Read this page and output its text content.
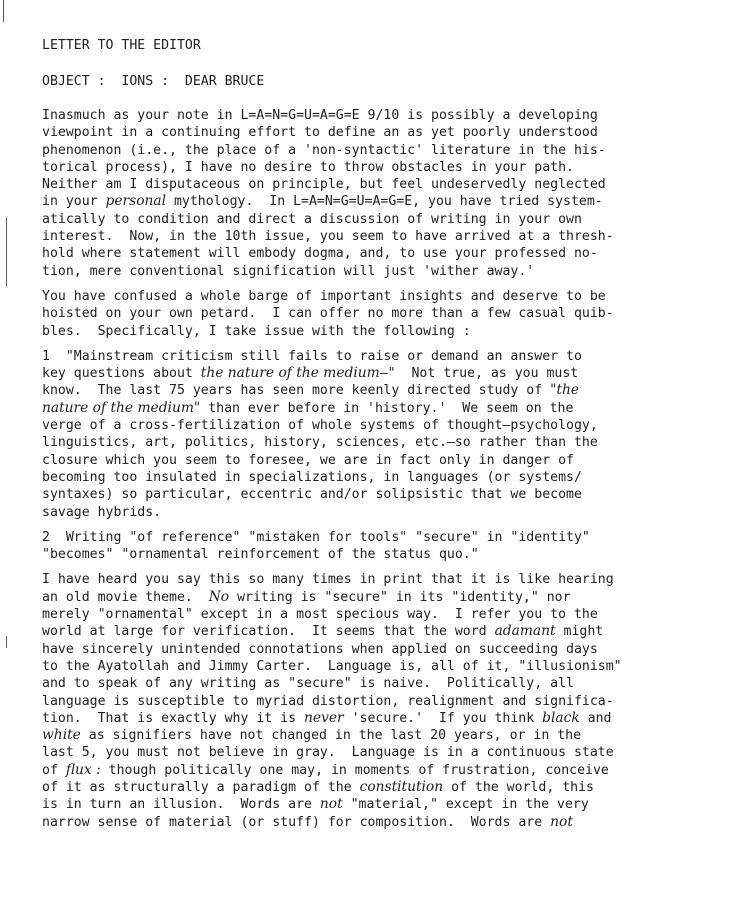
LETTER TO THE EDITOR
OBJECT :  IONS :  DEAR BRUCE
Inasmuch as your note in L=A=N=G=U=A=G=E 9/10 is possibly a developing
viewpoint in a continuing effort to define an as yet poorly understood
phenomenon (i.e., the place of a 'non-syntactic' literature in the his-
torical process), I have no desire to throw obstacles in your path.
Neither am I disputaceous on principle, but feel undeservedly neglected
in your personal mythology.  In L=A=N=G=U=A=G=E, you have tried system-
atically to condition and direct a discussion of writing in your own
interest.  Now, in the 10th issue, you seem to have arrived at a thresh-
hold where statement will embody dogma, and, to use your professed no-
tion, mere conventional signification will just 'wither away.'
You have confused a whole barge of important insights and deserve to be
hoisted on your own petard.  I can offer no more than a few casual quib-
bles.  Specifically, I take issue with the following :
1  "Mainstream criticism still fails to raise or demand an answer to
key questions about the nature of the medium—"  Not true, as you must
know.  The last 75 years has seen more keenly directed study of "the
nature of the medium" than ever before in 'history.'  We seem on the
verge of a cross-fertilization of whole systems of thought—psychology,
linguistics, art, politics, history, sciences, etc.—so rather than the
closure which you seem to foresee, we are in fact only in danger of
becoming too insulated in specializations, in languages (or systems/
syntaxes) so particular, eccentric and/or solipsistic that we become
savage hybrids.
2  Writing "of reference" "mistaken for tools" "secure" in "identity"
"becomes" "ornamental reinforcement of the status quo."
I have heard you say this so many times in print that it is like hearing
an old movie theme.  No writing is "secure" in its "identity," nor
merely "ornamental" except in a most specious way.  I refer you to the
world at large for verification.  It seems that the word adamant might
have sincerely unintended connotations when applied on succeeding days
to the Ayatollah and Jimmy Carter.  Language is, all of it, "illusionism"
and to speak of any writing as "secure" is naive.  Politically, all
language is susceptible to myriad distortion, realignment and significa-
tion.  That is exactly why it is never 'secure.'  If you think black and
white as signifiers have not changed in the last 20 years, or in the
last 5, you must not believe in gray.  Language is in a continuous state
of flux : though politically one may, in moments of frustration, conceive
of it as structurally a paradigm of the constitution of the world, this
is in turn an illusion.  Words are not "material," except in the very
narrow sense of material (or stuff) for composition.  Words are not
